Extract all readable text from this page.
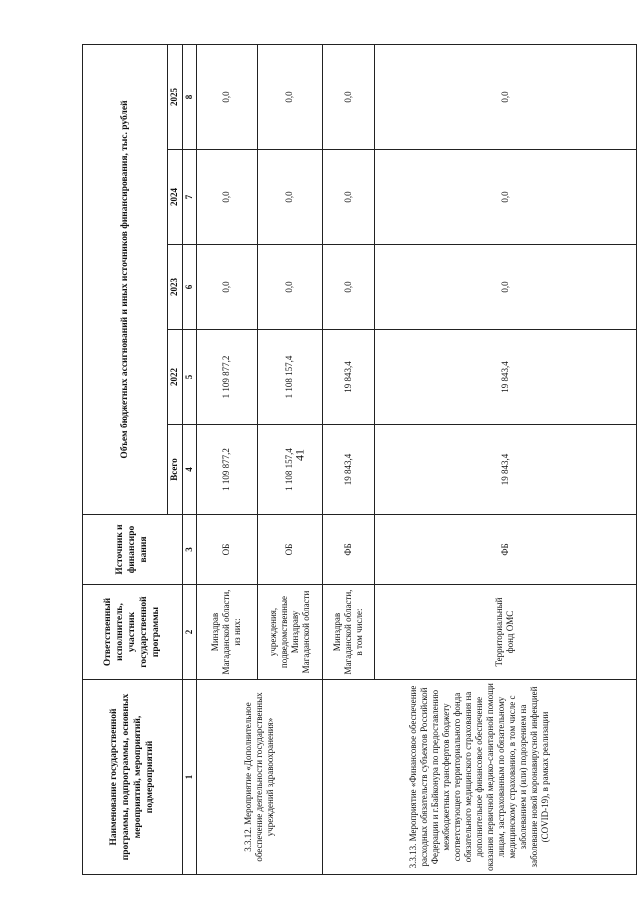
41
Наименование государственной программы, подпрограммы, основных мероприятий, мероприятий, подмероприятий	Ответственный исполнитель, участник государственной программы	Источник и финансиро вания	Объем бюджетных ассигнований и иных источников финансирования, тыс. рублей				
			Всего	2022	2023	2024	2025
1	2	3	4	5	6	7	8
3.3.12. Мероприятие «Дополнительное обеспечение деятельности государственных учреждений здравоохранения»	Минздрав Магаданской области, из них:	ОБ	1 109 877,2	1 109 877,2	0,0	0,0	0,0
	учреждения, подведомственные Минздраву Магаданской области	ОБ	1 108 157,4	1 108 157,4	0,0	0,0	0,0
3.3.13. Мероприятие «Финансовое обеспечение расходных обязательств субъектов Российской Федерации и г.Байконура по предоставлению межбюджетных трансфертов бюджету соответствующего территориального фонда обязательного медицинского страхования на дополнительное финансовое обеспечение оказания первичной медико-санитарной помощи лицам, застрахованным по обязательному медицинскому страхованию, в том числе с заболеванием и (или) подозрением на заболевание новой коронавирусной инфекцией (COVID-19), в рамках реализации	Минздрав Магаданской области, в том числе:	ФБ	19 843,4	19 843,4	0,0	0,0	0,0
	Территориальный фонд ОМС	ФБ	19 843,4	19 843,4	0,0	0,0	0,0
